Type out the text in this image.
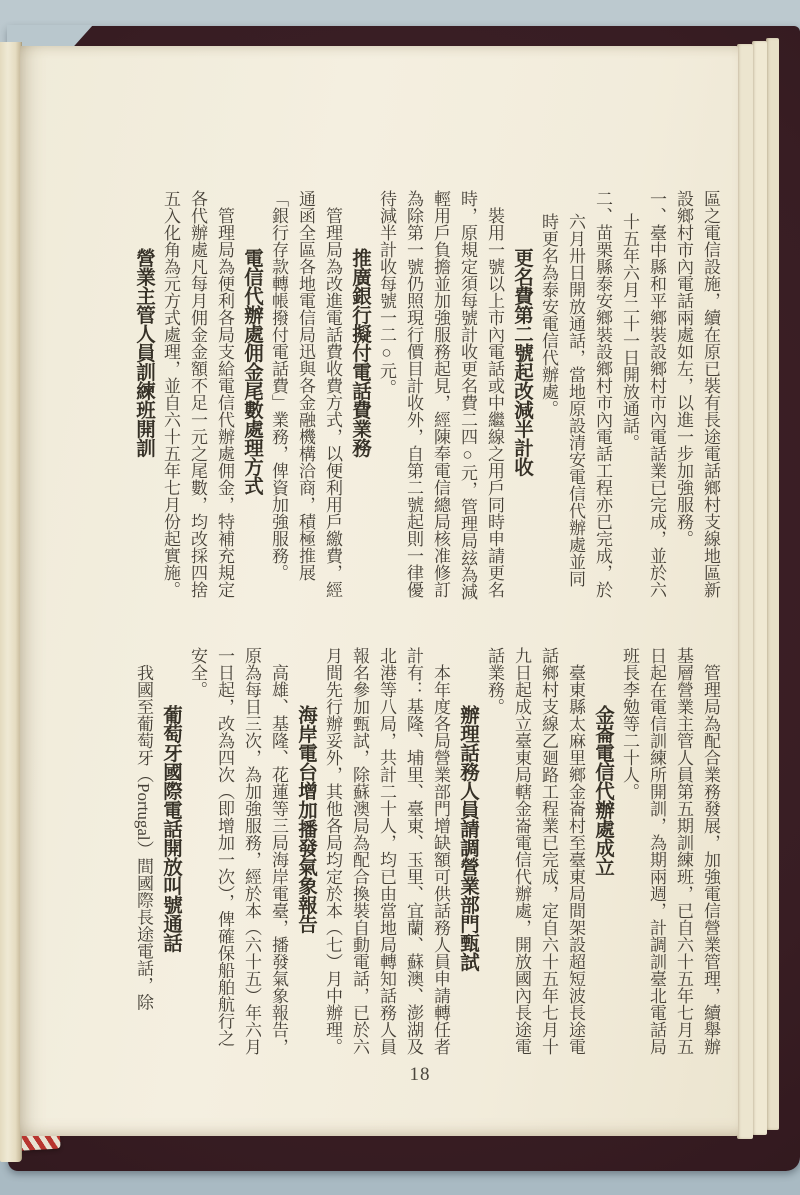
區之電信設施，續在原已裝有長途電話鄉村支線地區新設鄉村市內電話兩處如左，以進一步加強服務。

一、臺中縣和平鄉裝設鄉村市內電話業已完成，並於六十五年六月二十一日開放通話。

二、苗栗縣泰安鄉裝設鄉村市內電話工程亦已完成，於六月卅日開放通話，當地原設清安電信代辦處並同時更名為泰安電信代辦處。

更名費第二號起改減半計收

裝用一號以上市內電話或中繼線之用戶同時申請更名時，原規定須每號計收更名費二四○元，管理局玆為減輕用戶負擔並加強服務起見，經陳奉電信總局核准修訂為除第一號仍照現行價目計收外，自第二號起則一律優待減半計收每號一二○元。

推廣銀行擬付電話費業務

管理局為改進電話費收費方式，以便利用戶繳費，經通函全區各地電信局迅與各金融機構洽商，積極推展「銀行存款轉帳撥付電話費」業務，俾資加強服務。

電信代辦處佣金尾數處理方式

管理局為便利各局支給電信代辦處佣金，特補充規定各代辦處凡每月佣金金額不足一元之尾數，均改採四捨五入化角為元方式處理，並自六十五年七月份起實施。

營業主管人員訓練班開訓

管理局為配合業務發展，加強電信營業管理，續舉辦基層營業主管人員第五期訓練班，已自六十五年七月五日起在電信訓練所開訓，為期兩週，計調訓臺北電話局班長李勉等二十人。

金崙電信代辦處成立

臺東縣太麻里鄉金崙村至臺東局間架設超短波長途電話鄉村支線乙廻路工程業已完成，定自六十五年七月十九日起成立臺東局轄金崙電信代辦處，開放國內長途電話業務。

辦理話務人員請調營業部門甄試

本年度各局營業部門增缺額可供話務人員申請轉任者計有：基隆、埔里、臺東、玉里、宜蘭、蘇澳、澎湖及北港等八局，共計二十人，均已由當地局轉知話務人員報名參加甄試，除蘇澳局為配合換裝自動電話，已於六月間先行辦妥外，其他各局均定於本（七）月中辦理。

海岸電台增加播發氣象報告

高雄、基隆、花蓮等三局海岸電臺，播發氣象報告，原為每日三次，為加強服務，經於本（六十五）年六月一日起，改為四次（即增加一次），俾確保船舶航行之安全。

葡萄牙國際電話開放叫號通話

我國至葡萄牙（Portugal）間國際長途電話，除

18
